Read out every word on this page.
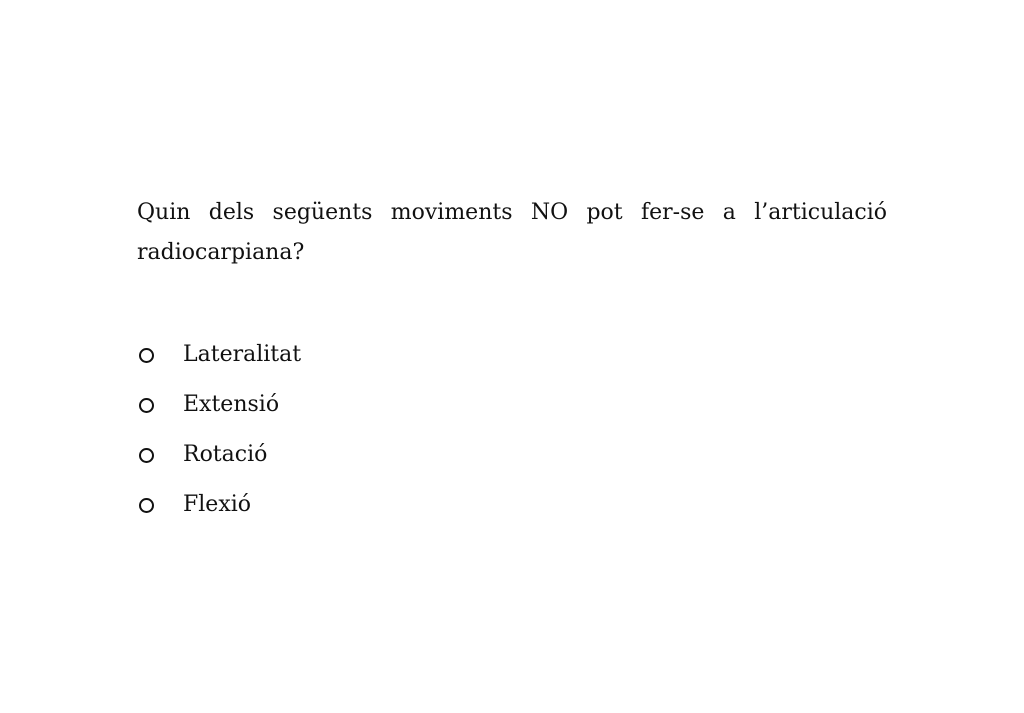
Quin dels següents moviments NO pot fer-se a l’articulació radiocarpiana?

Lateralitat
Extensió
Rotació
Flexió
